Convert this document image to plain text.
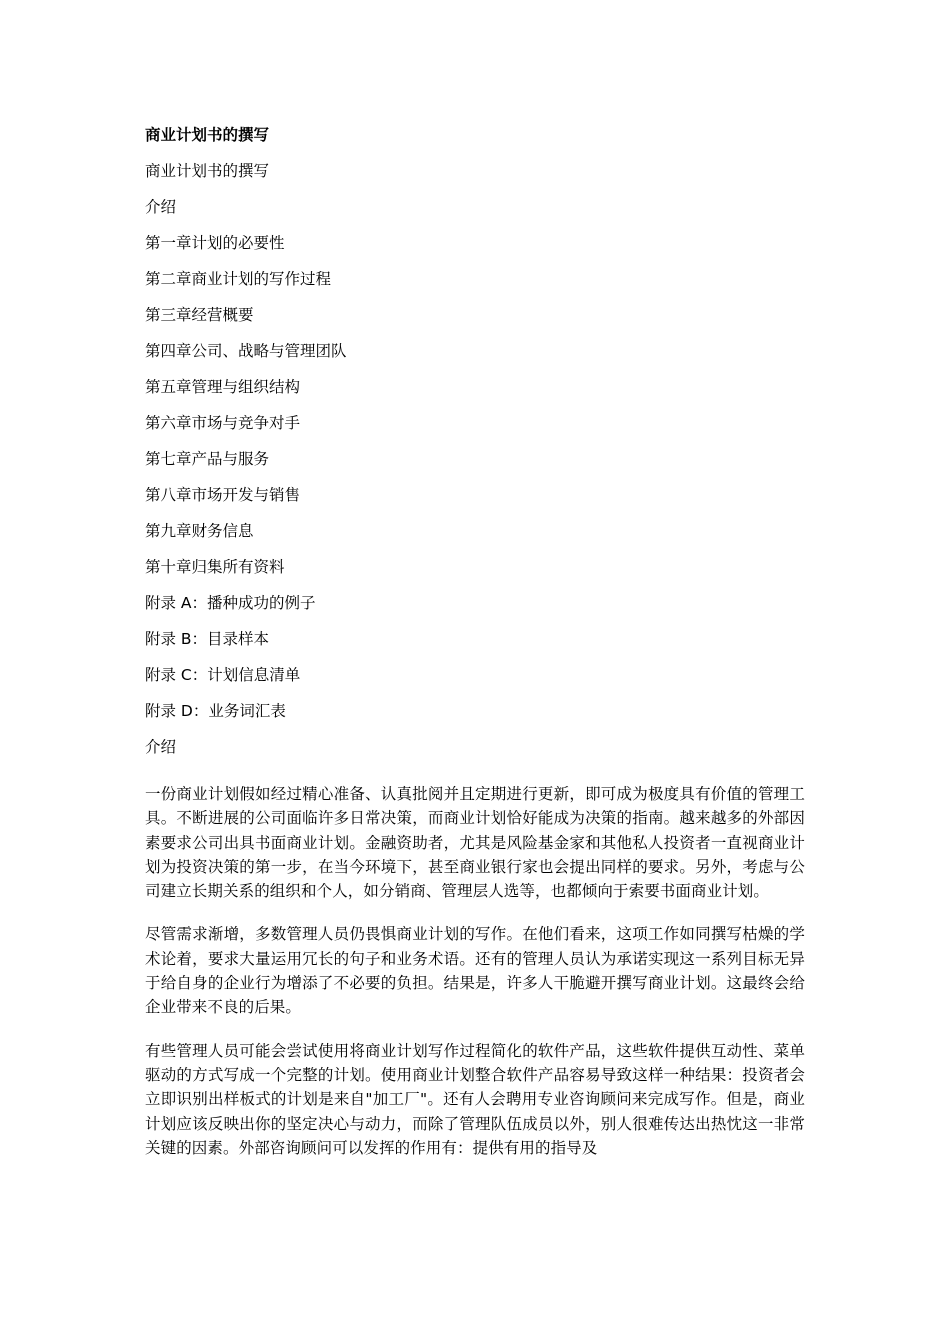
商业计划书的撰写
商业计划书的撰写
介绍
第一章计划的必要性
第二章商业计划的写作过程
第三章经营概要
第四章公司、战略与管理团队
第五章管理与组织结构
第六章市场与竞争对手
第七章产品与服务
第八章市场开发与销售
第九章财务信息
第十章归集所有资料
附录 A：播种成功的例子
附录 B：目录样本
附录 C：计划信息清单
附录 D：业务词汇表
介绍

一份商业计划假如经过精心准备、认真批阅并且定期进行更新，即可成为极度具有价值的管理工具。不断进展的公司面临许多日常决策，而商业计划恰好能成为决策的指南。越来越多的外部因素要求公司出具书面商业计划。金融资助者，尤其是风险基金家和其他私人投资者一直视商业计划为投资决策的第一步，在当今环境下，甚至商业银行家也会提出同样的要求。另外，考虑与公司建立长期关系的组织和个人，如分销商、管理层人选等，也都倾向于索要书面商业计划。

尽管需求渐增，多数管理人员仍畏惧商业计划的写作。在他们看来，这项工作如同撰写枯燥的学术论着，要求大量运用冗长的句子和业务术语。还有的管理人员认为承诺实现这一系列目标无异于给自身的企业行为增添了不必要的负担。结果是，许多人干脆避开撰写商业计划。这最终会给企业带来不良的后果。

有些管理人员可能会尝试使用将商业计划写作过程简化的软件产品，这些软件提供互动性、菜单驱动的方式写成一个完整的计划。使用商业计划整合软件产品容易导致这样一种结果：投资者会立即识别出样板式的计划是来自"加工厂"。还有人会聘用专业咨询顾问来完成写作。但是，商业计划应该反映出你的坚定决心与动力，而除了管理队伍成员以外，别人很难传达出热忱这一非常关键的因素。外部咨询顾问可以发挥的作用有：提供有用的指导及
